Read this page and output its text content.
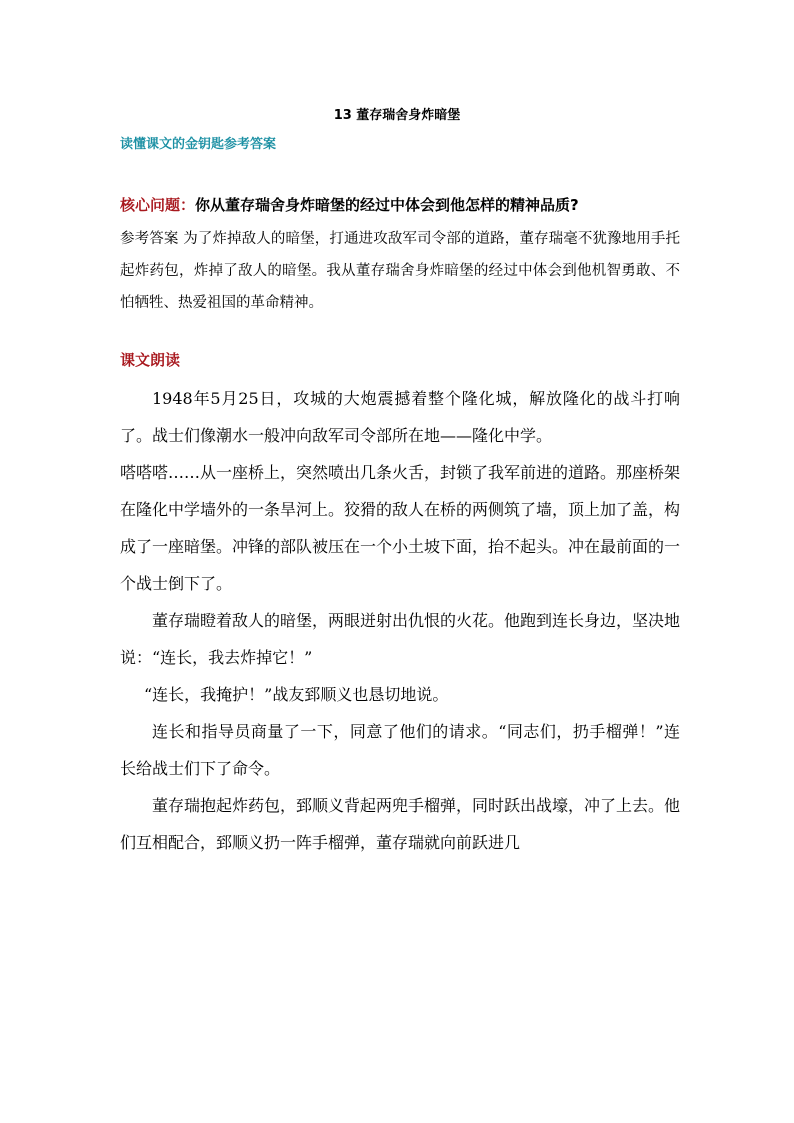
13 董存瑞舍身炸暗堡
读懂课文的金钥匙参考答案
核心问题：你从董存瑞舍身炸暗堡的经过中体会到他怎样的精神品质?
参考答案 为了炸掉敌人的暗堡，打通进攻敌军司令部的道路，董存瑞毫不犹豫地用手托起炸药包，炸掉了敌人的暗堡。我从董存瑞舍身炸暗堡的经过中体会到他机智勇敢、不怕牺牲、热爱祖国的革命精神。
课文朗读

1948年5月25日，攻城的大炮震撼着整个隆化城，解放隆化的战斗打响了。战士们像潮水一般冲向敌军司令部所在地——隆化中学。

嗒嗒嗒……从一座桥上，突然喷出几条火舌，封锁了我军前进的道路。那座桥架在隆化中学墙外的一条旱河上。狡猾的敌人在桥的两侧筑了墙，顶上加了盖，构成了一座暗堡。冲锋的部队被压在一个小土坡下面，抬不起头。冲在最前面的一个战士倒下了。

董存瑞瞪着敌人的暗堡，两眼迸射出仇恨的火花。他跑到连长身边，坚决地说：“连长，我去炸掉它！”

“连长，我掩护！”战友郅顺义也恳切地说。

连长和指导员商量了一下，同意了他们的请求。“同志们，扔手榴弹！”连长给战士们下了命令。

董存瑞抱起炸药包，郅顺义背起两兜手榴弹，同时跃出战壕，冲了上去。他们互相配合，郅顺义扔一阵手榴弹，董存瑞就向前跃进几
